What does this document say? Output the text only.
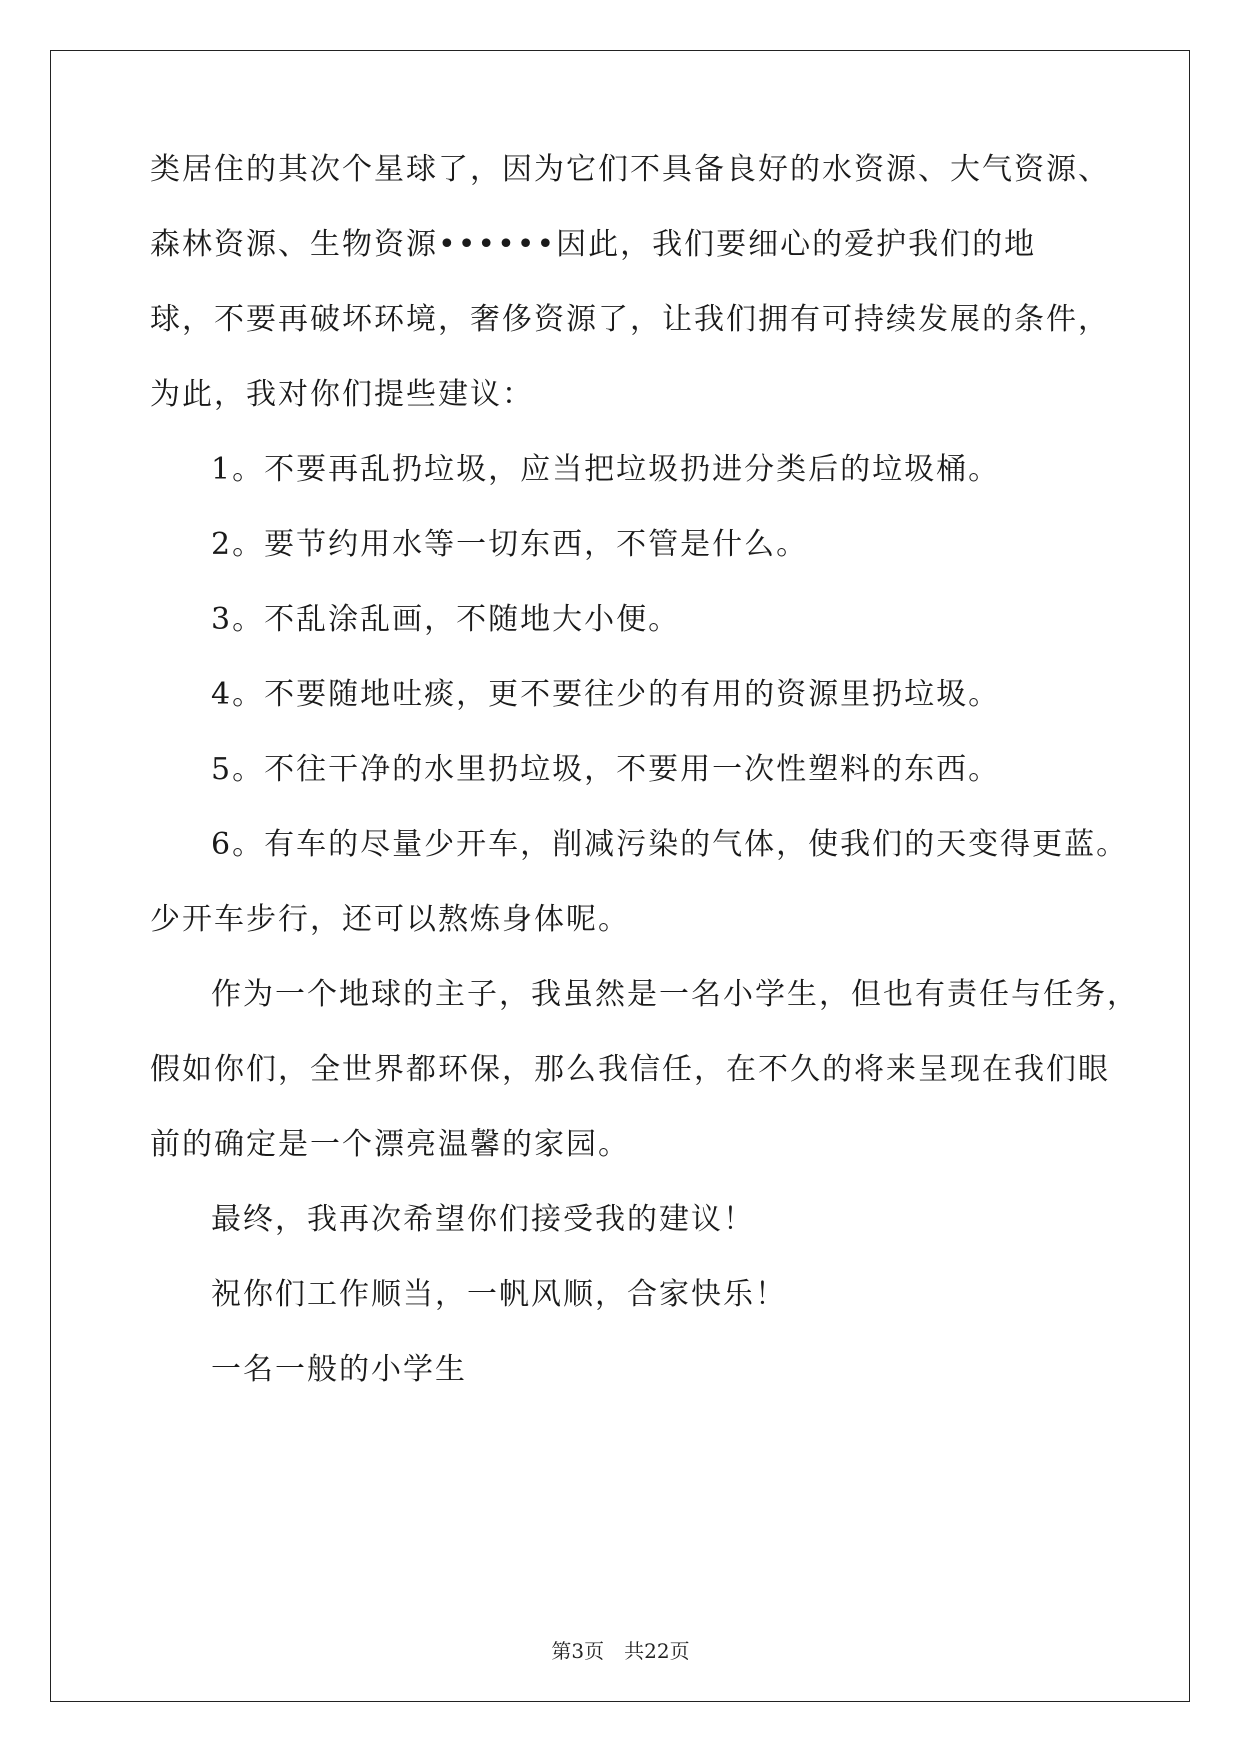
类居住的其次个星球了，因为它们不具备良好的水资源、大气资源、

森林资源、生物资源••••••因此，我们要细心的爱护我们的地

球，不要再破坏环境，奢侈资源了，让我们拥有可持续发展的条件，

为此，我对你们提些建议：

1。不要再乱扔垃圾，应当把垃圾扔进分类后的垃圾桶。

2。要节约用水等一切东西，不管是什么。

3。不乱涂乱画，不随地大小便。

4。不要随地吐痰，更不要往少的有用的资源里扔垃圾。

5。不往干净的水里扔垃圾，不要用一次性塑料的东西。

6。有车的尽量少开车，削减污染的气体，使我们的天变得更蓝。

少开车步行，还可以熬炼身体呢。

作为一个地球的主子，我虽然是一名小学生，但也有责任与任务，

假如你们，全世界都环保，那么我信任，在不久的将来呈现在我们眼

前的确定是一个漂亮温馨的家园。

最终，我再次希望你们接受我的建议！

祝你们工作顺当，一帆风顺，合家快乐！

一名一般的小学生

第3页 共22页
